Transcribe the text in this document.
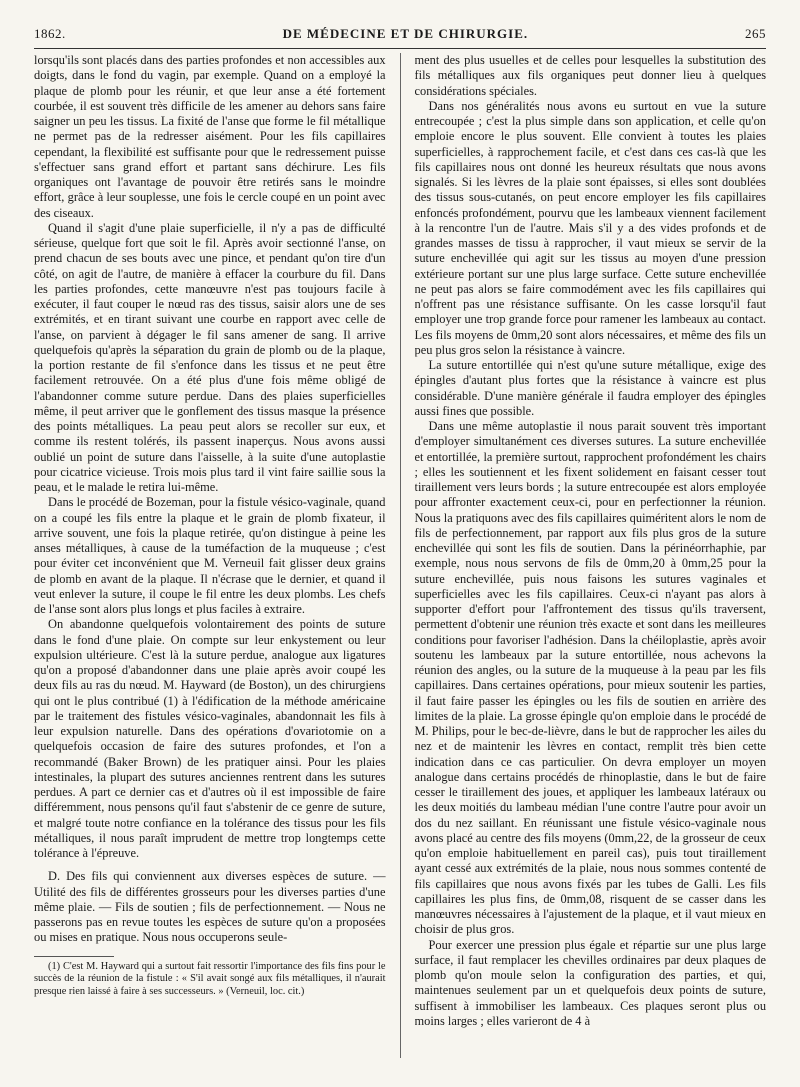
1862.	DE MÉDECINE ET DE CHIRURGIE.	265

lorsqu'ils sont placés dans des parties profondes et non accessibles aux doigts, dans le fond du vagin, par exemple. Quand on a employé la plaque de plomb pour les réunir, et que leur anse a été fortement courbée, il est souvent très difficile de les amener au dehors sans faire saigner un peu les tissus. La fixité de l'anse que forme le fil métallique ne permet pas de la redresser aisément. Pour les fils capillaires cependant, la flexibilité est suffisante pour que le redressement puisse s'effectuer sans grand effort et partant sans déchirure. Les fils organiques ont l'avantage de pouvoir être retirés sans le moindre effort, grâce à leur souplesse, une fois le cercle coupé en un point avec des ciseaux.

Quand il s'agit d'une plaie superficielle, il n'y a pas de difficulté sérieuse, quelque fort que soit le fil. Après avoir sectionné l'anse, on prend chacun de ses bouts avec une pince, et pendant qu'on tire d'un côté, on agit de l'autre, de manière à effacer la courbure du fil. Dans les parties profondes, cette manœuvre n'est pas toujours facile à exécuter, il faut couper le nœud ras des tissus, saisir alors une de ses extrémités, et en tirant suivant une courbe en rapport avec celle de l'anse, on parvient à dégager le fil sans amener de sang. Il arrive quelquefois qu'après la séparation du grain de plomb ou de la plaque, la portion restante de fil s'enfonce dans les tissus et ne peut être facilement retrouvée. On a été plus d'une fois même obligé de l'abandonner comme suture perdue. Dans des plaies superficielles même, il peut arriver que le gonflement des tissus masque la présence des points métalliques. La peau peut alors se recoller sur eux, et comme ils restent tolérés, ils passent inaperçus. Nous avons aussi oublié un point de suture dans l'aisselle, à la suite d'une autoplastie pour cicatrice vicieuse. Trois mois plus tard il vint faire saillie sous la peau, et le malade le retira lui-même.

Dans le procédé de Bozeman, pour la fistule vésico-vaginale, quand on a coupé les fils entre la plaque et le grain de plomb fixateur, il arrive souvent, une fois la plaque retirée, qu'on distingue à peine les anses métalliques, à cause de la tuméfaction de la muqueuse ; c'est pour éviter cet inconvénient que M. Verneuil fait glisser deux grains de plomb en avant de la plaque. Il n'écrase que le dernier, et quand il veut enlever la suture, il coupe le fil entre les deux plombs. Les chefs de l'anse sont alors plus longs et plus faciles à extraire.

On abandonne quelquefois volontairement des points de suture dans le fond d'une plaie. On compte sur leur enkystement ou leur expulsion ultérieure. C'est là la suture perdue, analogue aux ligatures qu'on a proposé d'abandonner dans une plaie après avoir coupé les deux fils au ras du nœud. M. Hayward (de Boston), un des chirurgiens qui ont le plus contribué (1) à l'édification de la méthode américaine par le traitement des fistules vésico-vaginales, abandonnait les fils à leur expulsion naturelle. Dans des opérations d'ovariotomie on a quelquefois occasion de faire des sutures profondes, et l'on a recommandé (Baker Brown) de les pratiquer ainsi. Pour les plaies intestinales, la plupart des sutures anciennes rentrent dans les sutures perdues. A part ce dernier cas et d'autres où il est impossible de faire différemment, nous pensons qu'il faut s'abstenir de ce genre de suture, et malgré toute notre confiance en la tolérance des tissus pour les fils métalliques, il nous paraît imprudent de mettre trop longtemps cette tolérance à l'épreuve.

D. Des fils qui conviennent aux diverses espèces de suture. — Utilité des fils de différentes grosseurs pour les diverses parties d'une même plaie. — Fils de soutien ; fils de perfectionnement. — Nous ne passerons pas en revue toutes les espèces de suture qu'on a proposées ou mises en pratique. Nous nous occuperons seule-

(1) C'est M. Hayward qui a surtout fait ressortir l'importance des fils fins pour le succès de la réunion de la fistule : « S'il avait songé aux fils métalliques, il n'aurait presque rien laissé à faire à ses successeurs. » (Verneuil, loc. cit.)

ment des plus usuelles et de celles pour lesquelles la substitution des fils métalliques aux fils organiques peut donner lieu à quelques considérations spéciales.

Dans nos généralités nous avons eu surtout en vue la suture entrecoupée ; c'est la plus simple dans son application, et celle qu'on emploie encore le plus souvent. Elle convient à toutes les plaies superficielles, à rapprochement facile, et c'est dans ces cas-là que les fils capillaires nous ont donné les heureux résultats que nous avons signalés. Si les lèvres de la plaie sont épaisses, si elles sont doublées des tissus sous-cutanés, on peut encore employer les fils capillaires enfoncés profondément, pourvu que les lambeaux viennent facilement à la rencontre l'un de l'autre. Mais s'il y a des vides profonds et de grandes masses de tissu à rapprocher, il vaut mieux se servir de la suture enchevillée qui agit sur les tissus au moyen d'une pression extérieure portant sur une plus large surface. Cette suture enchevillée ne peut pas alors se faire commodément avec les fils capillaires qui n'offrent pas une résistance suffisante. On les casse lorsqu'il faut employer une trop grande force pour ramener les lambeaux au contact. Les fils moyens de 0mm,20 sont alors nécessaires, et même des fils un peu plus gros selon la résistance à vaincre.

La suture entortillée qui n'est qu'une suture métallique, exige des épingles d'autant plus fortes que la résistance à vaincre est plus considérable. D'une manière générale il faudra employer des épingles aussi fines que possible.

Dans une même autoplastie il nous parait souvent très important d'employer simultanément ces diverses sutures. La suture enchevillée et entortillée, la première surtout, rapprochent profondément les chairs ; elles les soutiennent et les fixent solidement en faisant cesser tout tiraillement vers leurs bords ; la suture entrecoupée est alors employée pour affronter exactement ceux-ci, pour en perfectionner la réunion. Nous la pratiquons avec des fils capillaires quiméritent alors le nom de fils de perfectionnement, par rapport aux fils plus gros de la suture enchevillée qui sont les fils de soutien. Dans la périnéorrhaphie, par exemple, nous nous servons de fils de 0mm,20 à 0mm,25 pour la suture enchevillée, puis nous faisons les sutures vaginales et superficielles avec les fils capillaires. Ceux-ci n'ayant pas alors à supporter d'effort pour l'affrontement des tissus qu'ils traversent, permettent d'obtenir une réunion très exacte et sont dans les meilleures conditions pour favoriser l'adhésion. Dans la chéiloplastie, après avoir soutenu les lambeaux par la suture entortillée, nous achevons la réunion des angles, ou la suture de la muqueuse à la peau par les fils capillaires. Dans certaines opérations, pour mieux soutenir les parties, il faut faire passer les épingles ou les fils de soutien en arrière des limites de la plaie. La grosse épingle qu'on emploie dans le procédé de M. Philips, pour le bec-de-lièvre, dans le but de rapprocher les ailes du nez et de maintenir les lèvres en contact, remplit très bien cette indication dans ce cas particulier. On devra employer un moyen analogue dans certains procédés de rhinoplastie, dans le but de faire cesser le tiraillement des joues, et appliquer les lambeaux latéraux ou les deux moitiés du lambeau médian l'une contre l'autre pour avoir un dos du nez saillant. En réunissant une fistule vésico-vaginale nous avons placé au centre des fils moyens (0mm,22, de la grosseur de ceux qu'on emploie habituellement en pareil cas), puis tout tiraillement ayant cessé aux extrémités de la plaie, nous nous sommes contenté de fils capillaires que nous avons fixés par les tubes de Galli. Les fils capillaires les plus fins, de 0mm,08, risquent de se casser dans les manœuvres nécessaires à l'ajustement de la plaque, et il vaut mieux en choisir de plus gros.

Pour exercer une pression plus égale et répartie sur une plus large surface, il faut remplacer les chevilles ordinaires par deux plaques de plomb qu'on moule selon la configuration des parties, et qui, maintenues seulement par un et quelquefois deux points de suture, suffisent à immobiliser les lambeaux. Ces plaques seront plus ou moins larges ; elles varieront de 4 à
